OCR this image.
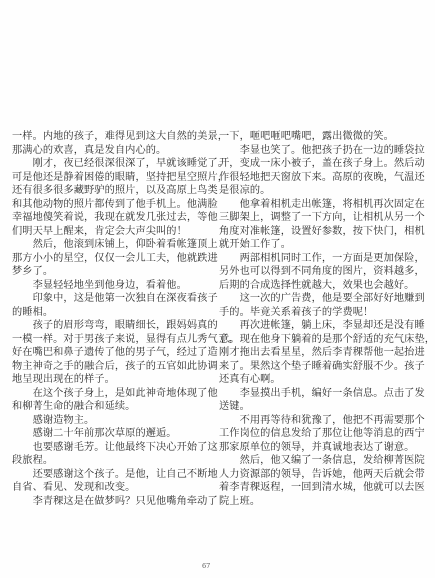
一样。内地的孩子，难得见到这大自然的美景，
那满心的欢喜，真是发自内心的。
　　刚才，夜已经很深很深了，早就该睡觉了。
可是他还是静着困倦的眼睛，坚持把星空照片，
还有很多很多藏野驴的照片，以及高原上鸟类
和其他动物的照片都传到了他手机上。他满脸
幸福地傻笑着说，我现在就发几张过去，等他
们明天早上醒来，肯定会大声尖叫的！
　　然后，他滚到床铺上，仰卧着看帐篷顶上
那方小小的星空，仅仅一会儿工夫，他就跌进
梦乡了。
　　李显轻轻地坐到他身边，看着他。
　　印象中，这是他第一次独自在深夜看孩子
的睡相。
　　孩子的眉形弯弯，眼睛细长，跟妈妈真的
一模一样。对于男孩子来说，显得有点儿秀气了。
好在嘴巴和鼻子遗传了他的男子气，经过了造
物主神奇之手的融合后，孩子的五官如此协调
地呈现出现在的样子。
　　在这个孩子身上，是如此神奇地体现了他
和柳菁生命的融合和延续。
　　感谢造物主。
　　感谢二十年前那次草原的邂逅。
　　也要感谢毛芳。让他最终下决心开始了这
段旅程。
　　还要感谢这个孩子。是他，让自己不断地
自省、看见、发现和改变。
　　李青稞这是在做梦吗？只见他嘴角牵动了
一下，咂吧咂吧嘴吧，露出微微的笑。
　　李显也笑了。他把孩子扔在一边的睡袋拉
开，变成一床小被子，盖在孩子身上。然后动
作很轻地把天窗放下来。高原的夜晚，气温还
是很凉的。
　　他拿着相机走出帐篷，将相机再次固定在
三脚架上，调整了一下方向，让相机从另一个
角度对准帐篷，设置好参数，按下快门，相机
就开始工作了。
　　两部相机同时工作，一方面是更加保险，
另外也可以得到不同角度的图片，资料越多，
后期的合成选择性就越大，效果也会越好。
　　这一次的广告费，他是要全部好好地赚到
手的。毕竟关系着孩子的学费呢！
　　再次进帐篷，躺上床，李显却还是没有睡
意。现在他身下躺着的是那个舒适的充气床垫，
刚才拖出去看星星，然后李青稞帮他一起抬进
来了。果然这个垫子睡着确实舒服不少。孩子
还真有心啊。
　　李显摸出手机，编好一条信息。点击了发
送键。
　　不用再等待和犹豫了，他把不再需要那个
工作岗位的信息发给了那位让他等消息的西宁
那家原单位的领导，并真诚地表达了谢意。
　　然后，他又编了一条信息，发给柳菁医院
人力资源部的领导，告诉她，他两天后就会带
着李青稞返程，一回到清水城，他就可以去医
院上班。
67
